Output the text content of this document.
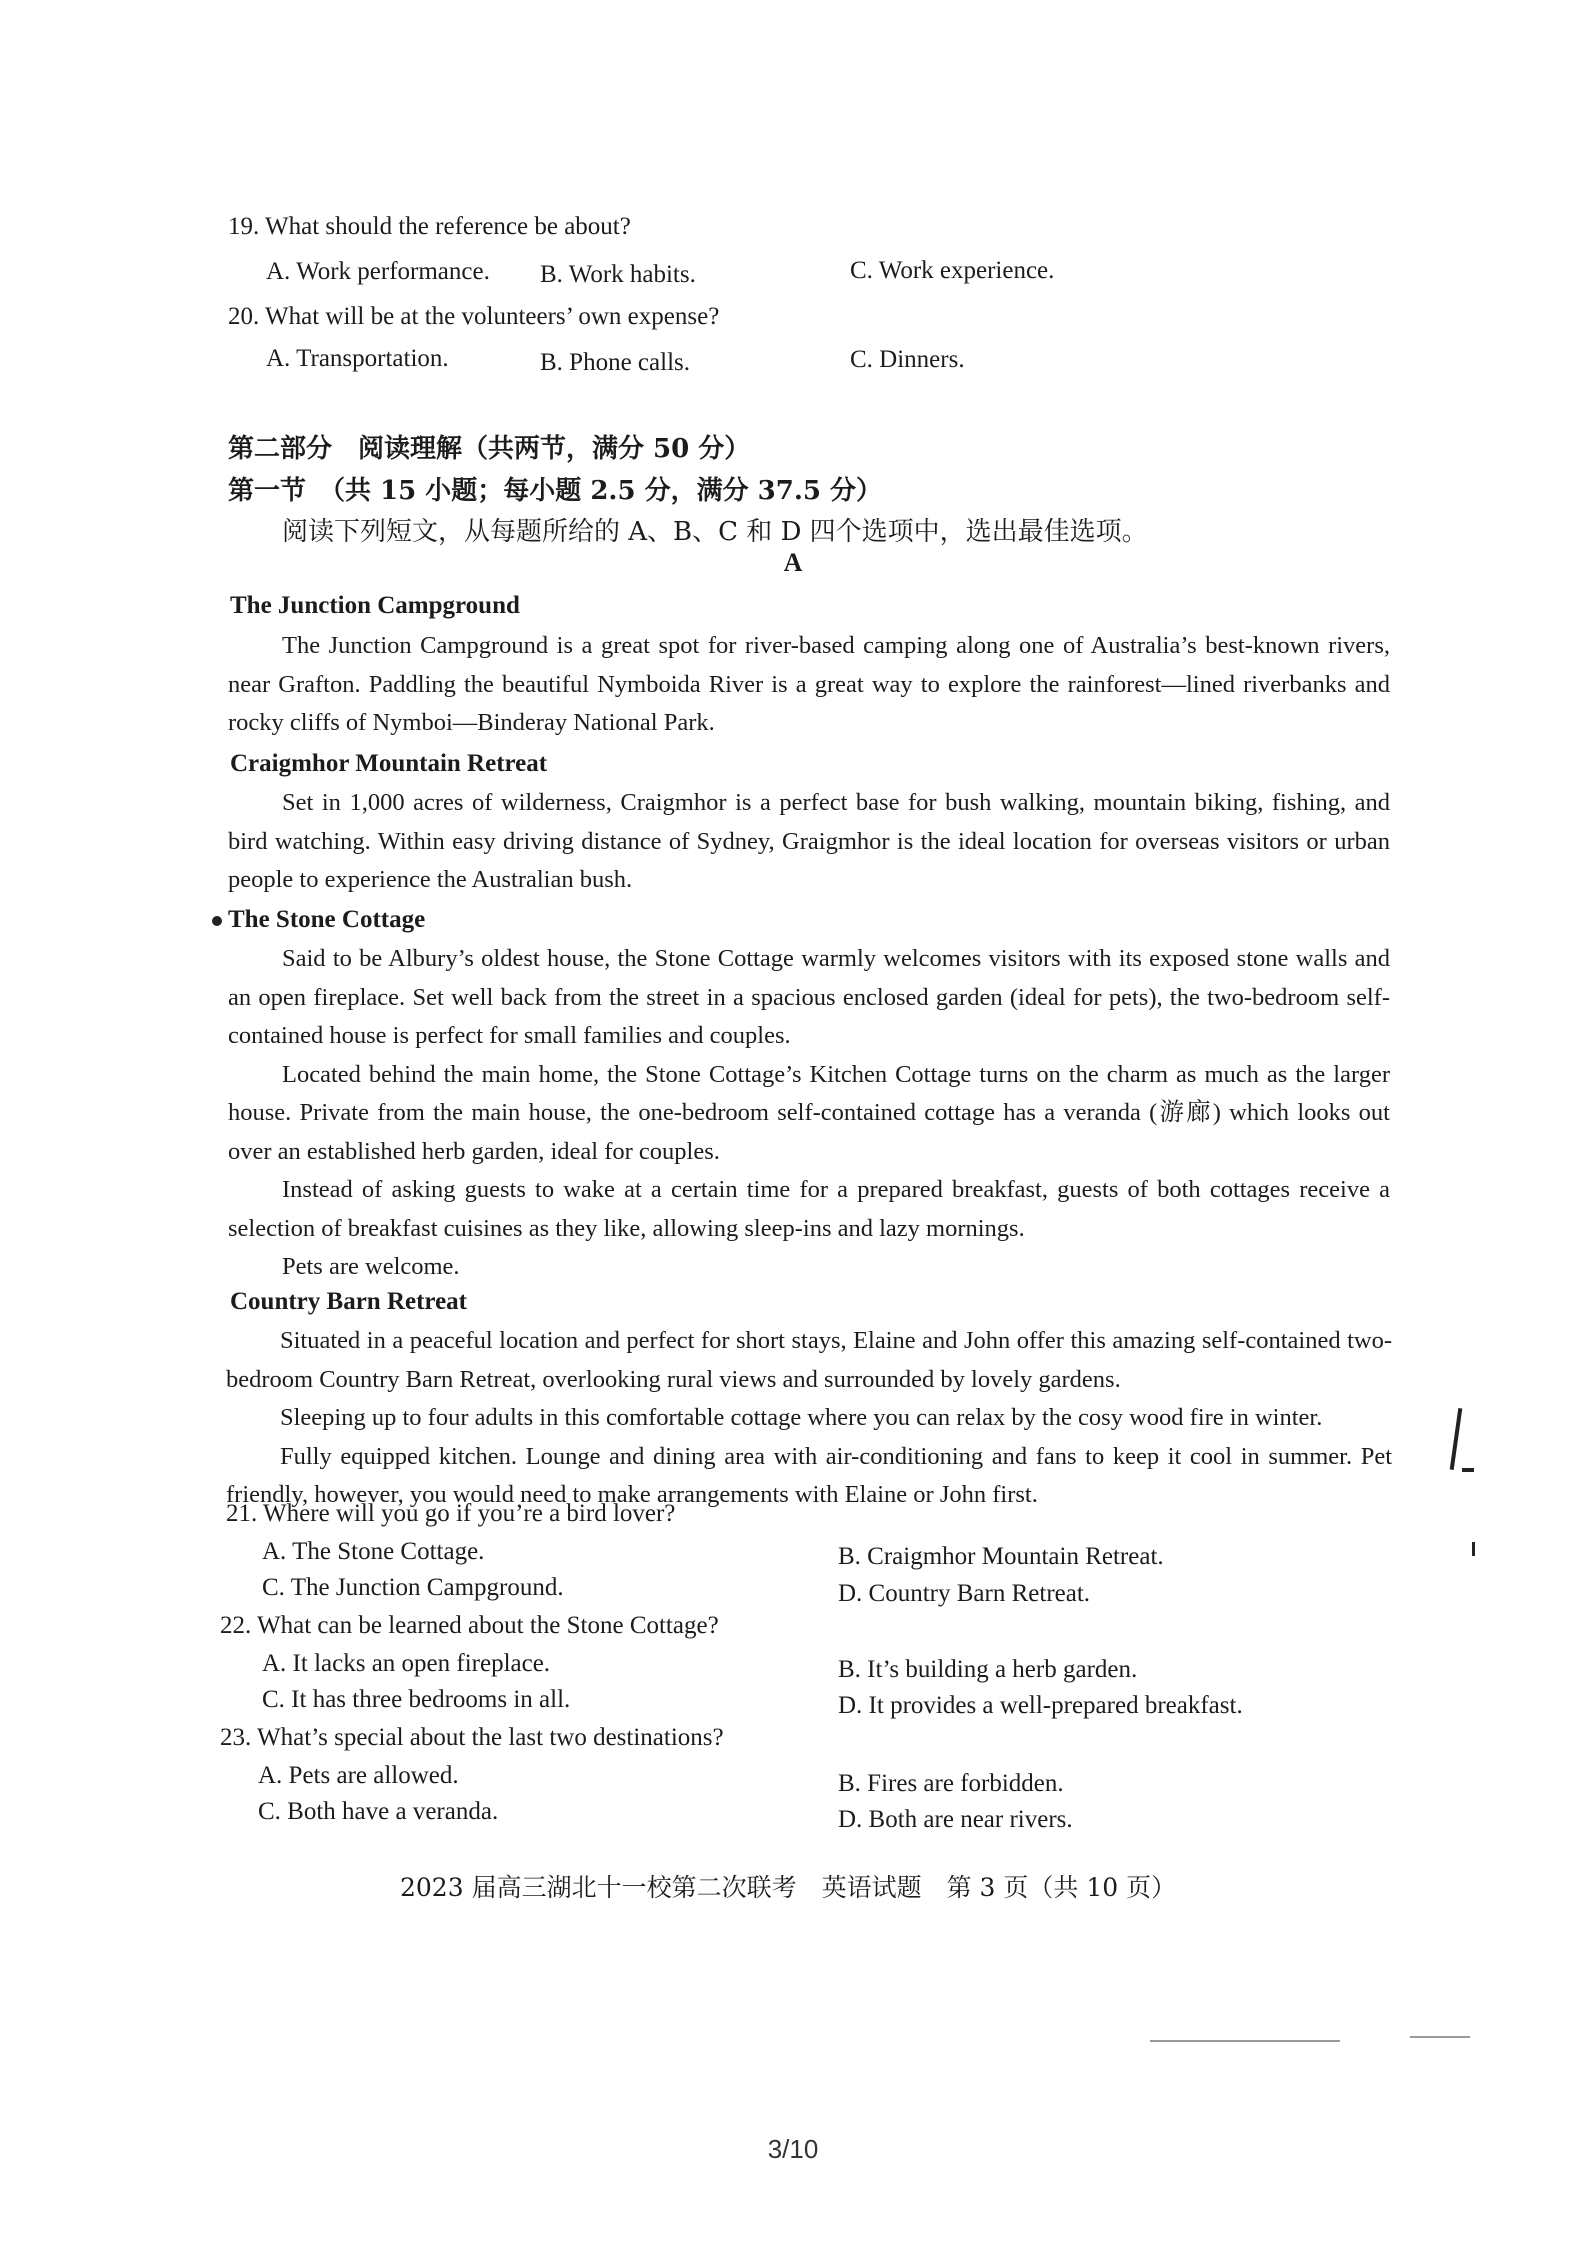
19. What should the reference be about?
A. Work performance. B. Work habits.	C. Work experience.
20. What will be at the volunteers’ own expense?
A. Transportation.	B. Phone calls.	C. Dinners.
第二部分　阅读理解（共两节，满分 50 分）
第一节　（共 15 小题；每小题 2.5 分，满分 37.5 分）
阅读下列短文，从每题所给的 A、B、C 和 D 四个选项中，选出最佳选项。
A
The Junction Campground

The Junction Campground is a great spot for river-based camping along one of Australia’s best-known rivers, near Grafton. Paddling the beautiful Nymboida River is a great way to explore the rainforest—lined riverbanks and rocky cliffs of Nymboi—Binderay National Park.

Craigmhor Mountain Retreat

Set in 1,000 acres of wilderness, Craigmhor is a perfect base for bush walking, mountain biking, fishing, and bird watching. Within easy driving distance of Sydney, Graigmhor is the ideal location for overseas visitors or urban people to experience the Australian bush.

The Stone Cottage

Said to be Albury’s oldest house, the Stone Cottage warmly welcomes visitors with its exposed stone walls and an open fireplace. Set well back from the street in a spacious enclosed garden (ideal for pets), the two-bedroom self-contained house is perfect for small families and couples.

Located behind the main home, the Stone Cottage’s Kitchen Cottage turns on the charm as much as the larger house. Private from the main house, the one-bedroom self-contained cottage has a veranda (游廊) which looks out over an established herb garden, ideal for couples.

Instead of asking guests to wake at a certain time for a prepared breakfast, guests of both cottages receive a selection of breakfast cuisines as they like, allowing sleep-ins and lazy mornings.

Pets are welcome.

Country Barn Retreat

Situated in a peaceful location and perfect for short stays, Elaine and John offer this amazing self-contained two-bedroom Country Barn Retreat, overlooking rural views and surrounded by lovely gardens.

Sleeping up to four adults in this comfortable cottage where you can relax by the cosy wood fire in winter.

Fully equipped kitchen. Lounge and dining area with air-conditioning and fans to keep it cool in summer. Pet friendly, however, you would need to make arrangements with Elaine or John first.

21. Where will you go if you’re a bird lover?
A. The Stone Cottage.	B. Craigmhor Mountain Retreat.
C. The Junction Campground.	D. Country Barn Retreat.
22. What can be learned about the Stone Cottage?
A. It lacks an open fireplace.	B. It’s building a herb garden.
C. It has three bedrooms in all.	D. It provides a well-prepared breakfast.
23. What’s special about the last two destinations?
A. Pets are allowed.	B. Fires are forbidden.
C. Both have a veranda.	D. Both are near rivers.
2023 届高三湖北十一校第二次联考　英语试题　第 3 页（共 10 页）
3/10
